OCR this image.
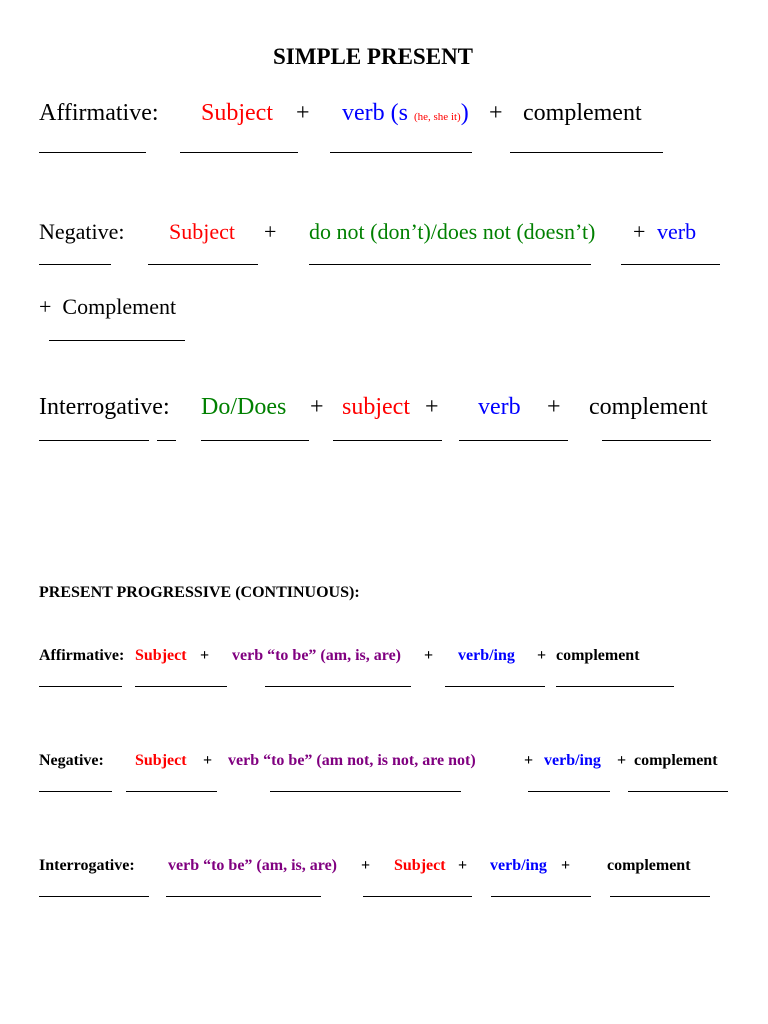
SIMPLE PRESENT
Affirmative: Subject + verb (s (he, she it)) + complement
Negative: Subject + do not (don’t)/does not (doesn’t) + verb
+ Complement
Interrogative: Do/Does + subject + verb + complement
PRESENT PROGRESSIVE (CONTINUOUS):
Affirmative: Subject + verb “to be” (am, is, are) + verb/ing + complement
Negative: Subject + verb “to be” (am not, is not, are not)	+ verb/ing + complement
Interrogative: verb “to be” (am, is, are) + Subject + verb/ing + complement
